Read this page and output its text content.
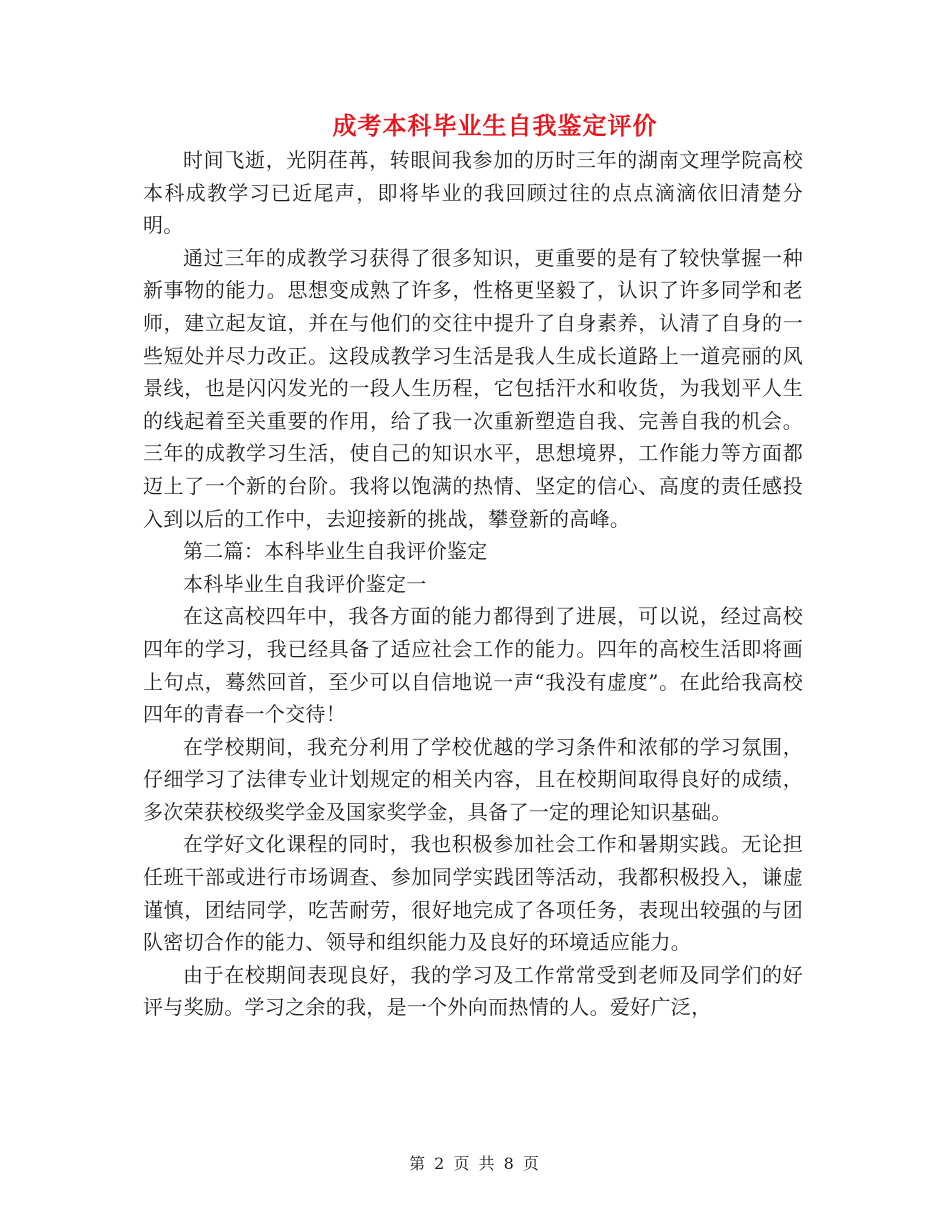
成考本科毕业生自我鉴定评价

时间飞逝，光阴荏苒，转眼间我参加的历时三年的湖南文理学院高校本科成教学习已近尾声，即将毕业的我回顾过往的点点滴滴依旧清楚分明。

通过三年的成教学习获得了很多知识，更重要的是有了较快掌握一种新事物的能力。思想变成熟了许多，性格更坚毅了，认识了许多同学和老师，建立起友谊，并在与他们的交往中提升了自身素养，认清了自身的一些短处并尽力改正。这段成教学习生活是我人生成长道路上一道亮丽的风景线，也是闪闪发光的一段人生历程，它包括汗水和收货，为我划平人生的线起着至关重要的作用，给了我一次重新塑造自我、完善自我的机会。三年的成教学习生活，使自己的知识水平，思想境界，工作能力等方面都迈上了一个新的台阶。我将以饱满的热情、坚定的信心、高度的责任感投入到以后的工作中，去迎接新的挑战，攀登新的高峰。

第二篇：本科毕业生自我评价鉴定

本科毕业生自我评价鉴定一

在这高校四年中，我各方面的能力都得到了进展，可以说，经过高校四年的学习，我已经具备了适应社会工作的能力。四年的高校生活即将画上句点，蓦然回首，至少可以自信地说一声“我没有虚度”。在此给我高校四年的青春一个交待！

在学校期间，我充分利用了学校优越的学习条件和浓郁的学习氛围，仔细学习了法律专业计划规定的相关内容，且在校期间取得良好的成绩，多次荣获校级奖学金及国家奖学金，具备了一定的理论知识基础。

在学好文化课程的同时，我也积极参加社会工作和暑期实践。无论担任班干部或进行市场调查、参加同学实践团等活动，我都积极投入，谦虚谨慎，团结同学，吃苦耐劳，很好地完成了各项任务，表现出较强的与团队密切合作的能力、领导和组织能力及良好的环境适应能力。

由于在校期间表现良好，我的学习及工作常常受到老师及同学们的好评与奖励。学习之余的我，是一个外向而热情的人。爱好广泛，

第 2 页 共 8 页
